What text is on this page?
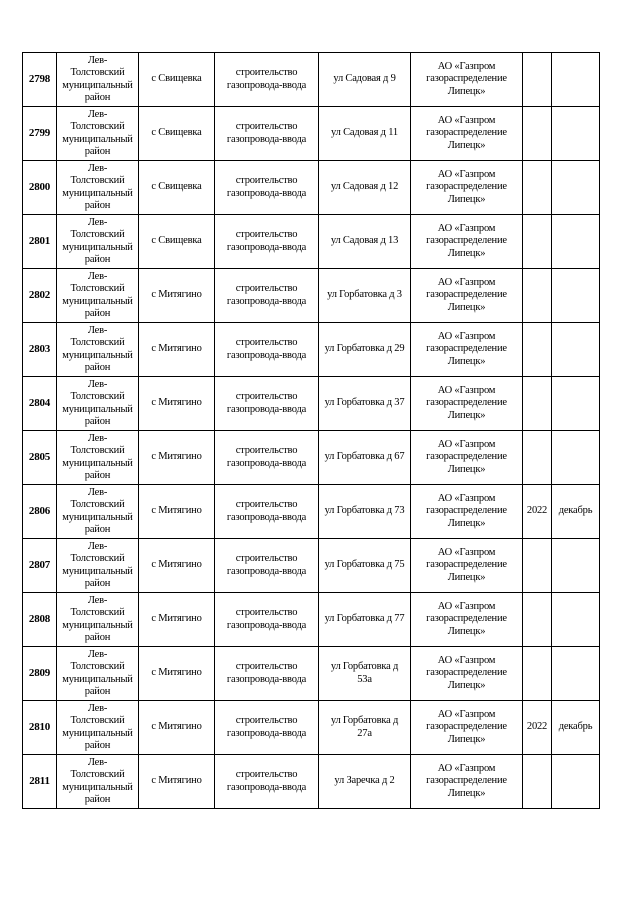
2798	Лев-
Толстовский
муниципальный
район	с Свищевка	строительство
газопровода-ввода	ул Садовая д 9	АО «Газпром
газораспределение
Липецк»		
2799	Лев-
Толстовский
муниципальный
район	с Свищевка	строительство
газопровода-ввода	ул Садовая д 11	АО «Газпром
газораспределение
Липецк»		
2800	Лев-
Толстовский
муниципальный
район	с Свищевка	строительство
газопровода-ввода	ул Садовая д 12	АО «Газпром
газораспределение
Липецк»		
2801	Лев-
Толстовский
муниципальный
район	с Свищевка	строительство
газопровода-ввода	ул Садовая д 13	АО «Газпром
газораспределение
Липецк»		
2802	Лев-
Толстовский
муниципальный
район	с Митягино	строительство
газопровода-ввода	ул Горбатовка д 3	АО «Газпром
газораспределение
Липецк»		
2803	Лев-
Толстовский
муниципальный
район	с Митягино	строительство
газопровода-ввода	ул Горбатовка д 29	АО «Газпром
газораспределение
Липецк»		
2804	Лев-
Толстовский
муниципальный
район	с Митягино	строительство
газопровода-ввода	ул Горбатовка д 37	АО «Газпром
газораспределение
Липецк»		
2805	Лев-
Толстовский
муниципальный
район	с Митягино	строительство
газопровода-ввода	ул Горбатовка д 67	АО «Газпром
газораспределение
Липецк»		
2806	Лев-
Толстовский
муниципальный
район	с Митягино	строительство
газопровода-ввода	ул Горбатовка д 73	АО «Газпром
газораспределение
Липецк»	2022	декабрь
2807	Лев-
Толстовский
муниципальный
район	с Митягино	строительство
газопровода-ввода	ул Горбатовка д 75	АО «Газпром
газораспределение
Липецк»		
2808	Лев-
Толстовский
муниципальный
район	с Митягино	строительство
газопровода-ввода	ул Горбатовка д 77	АО «Газпром
газораспределение
Липецк»		
2809	Лев-
Толстовский
муниципальный
район	с Митягино	строительство
газопровода-ввода	ул Горбатовка д
53а	АО «Газпром
газораспределение
Липецк»		
2810	Лев-
Толстовский
муниципальный
район	с Митягино	строительство
газопровода-ввода	ул Горбатовка д
27а	АО «Газпром
газораспределение
Липецк»	2022	декабрь
2811	Лев-
Толстовский
муниципальный
район	с Митягино	строительство
газопровода-ввода	ул Заречка д 2	АО «Газпром
газораспределение
Липецк»		
